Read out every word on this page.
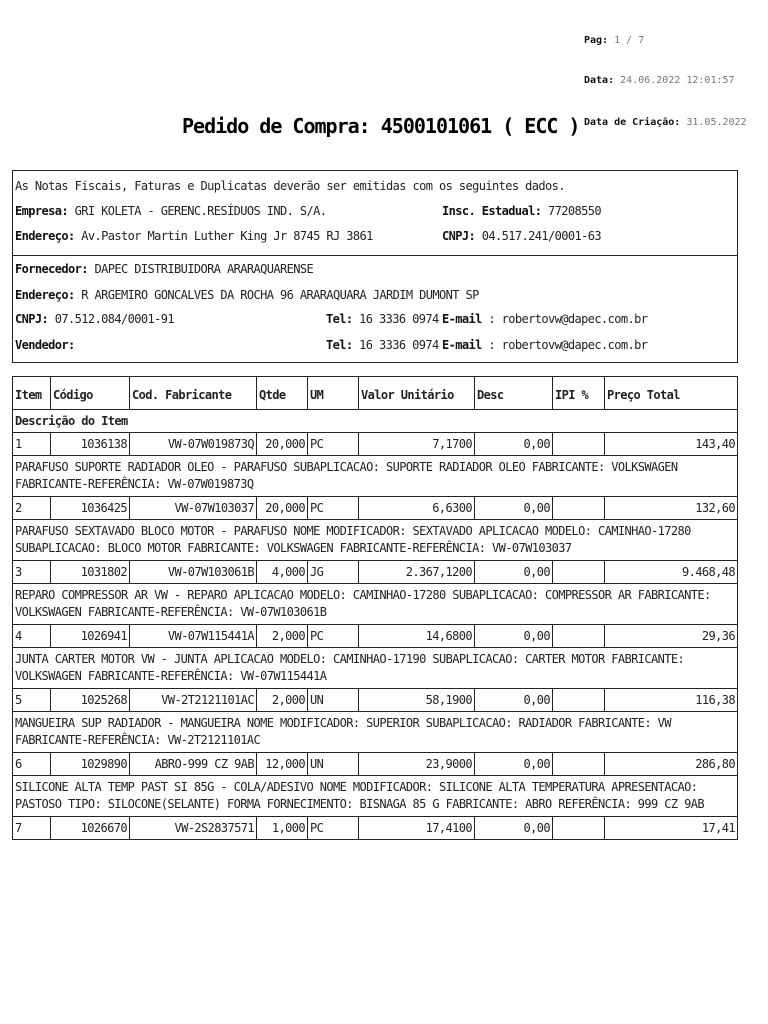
Pag: 1 / 7
Data: 24.06.2022 12:01:57
Data de Criação: 31.05.2022
Pedido de Compra: 4500101061 ( ECC )
As Notas Fiscais, Faturas e Duplicatas deverão ser emitidas com os seguintes dados.
Empresa: GRI KOLETA - GERENC.RESÍDUOS IND. S/A.	Insc. Estadual: 77208550
Endereço: Av.Pastor Martin Luther King Jr 8745 RJ 3861	CNPJ: 04.517.241/0001-63
Fornecedor: DAPEC DISTRIBUIDORA ARARAQUARENSE
Endereço: R ARGEMIRO GONCALVES DA ROCHA 96 ARARAQUARA JARDIM DUMONT SP
CNPJ: 07.512.084/0001-91	Tel: 16 3336 0974 E-mail : robertovw@dapec.com.br
Vendedor:	Tel: 16 3336 0974 E-mail : robertovw@dapec.com.br
Item	Código	Cod. Fabricante	Qtde	UM	Valor Unitário	Desc	IPI %	Preço Total
Descrição do Item								
1	1036138	VW-07W019873Q	20,000	PC	7,1700	0,00		143,40
PARAFUSO SUPORTE RADIADOR OLEO - PARAFUSO SUBAPLICACAO: SUPORTE RADIADOR OLEO FABRICANTE: VOLKSWAGEN FABRICANTE-REFERÊNCIA: VW-07W019873Q								
2	1036425	VW-07W103037	20,000	PC	6,6300	0,00		132,60
PARAFUSO SEXTAVADO BLOCO MOTOR - PARAFUSO NOME MODIFICADOR: SEXTAVADO APLICACAO MODELO: CAMINHAO-17280 SUBAPLICACAO: BLOCO MOTOR FABRICANTE: VOLKSWAGEN FABRICANTE-REFERÊNCIA: VW-07W103037								
3	1031802	VW-07W103061B	4,000	JG	2.367,1200	0,00		9.468,48
REPARO COMPRESSOR AR VW - REPARO APLICACAO MODELO: CAMINHAO-17280 SUBAPLICACAO: COMPRESSOR AR FABRICANTE: VOLKSWAGEN FABRICANTE-REFERÊNCIA: VW-07W103061B								
4	1026941	VW-07W115441A	2,000	PC	14,6800	0,00		29,36
JUNTA CARTER MOTOR VW - JUNTA APLICACAO MODELO: CAMINHAO-17190 SUBAPLICACAO: CARTER MOTOR FABRICANTE: VOLKSWAGEN FABRICANTE-REFERÊNCIA: VW-07W115441A								
5	1025268	VW-2T2121101AC	2,000	UN	58,1900	0,00		116,38
MANGUEIRA SUP RADIADOR - MANGUEIRA NOME MODIFICADOR: SUPERIOR SUBAPLICACAO: RADIADOR FABRICANTE: VW FABRICANTE-REFERÊNCIA: VW-2T2121101AC								
6	1029890	ABRO-999 CZ 9AB	12,000	UN	23,9000	0,00		286,80
SILICONE ALTA TEMP PAST SI 85G - COLA/ADESIVO NOME MODIFICADOR: SILICONE ALTA TEMPERATURA APRESENTACAO: PASTOSO TIPO: SILOCONE(SELANTE) FORMA FORNECIMENTO: BISNAGA 85 G FABRICANTE: ABRO REFERÊNCIA: 999 CZ 9AB								
7	1026670	VW-2S2837571	1,000	PC	17,4100	0,00		17,41
